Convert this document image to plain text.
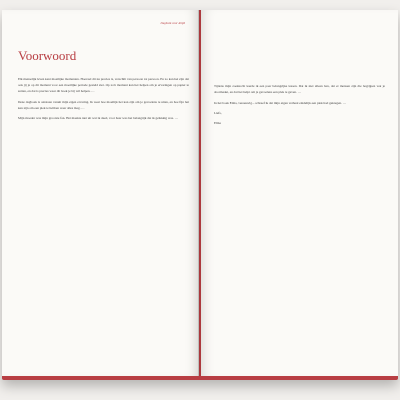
Dagboek voor Altijd
Voorwoord

Elk menselijk leven kent moeilijke momenten. Hoeveel dit nu precies is, verschilt van persoon tot persoon. En zo kan het zijn dat ook jij je op dit moment voor een moeilijke periode gesteld ziet. Op zo'n moment kan het helpen om je ervaringen op papier te zetten, en dat is precies waar dit boek je bij wil helpen. …

Deze dagboek is ontstaan vanuit mijn eigen ervaring. Ik weet hoe moeilijk het kan zijn om je gevoelens te uiten, en hoe fijn het kan zijn om een plek te hebben waar alles mag. …

Mijn moeder was mijn grootste fan. Het maakte niet uit wat ik deed, voor haar was het belangrijk dat ik gelukkig was. …

Tijdens mijn zoektocht leerde ik een paar belangrijke lessen. Dat ik niet alleen ben, dat er mensen zijn die begrijpen wat je doormaakt, en dat het helpt om je gevoelens een plek te geven. …

In het boek Elma, vereeuwig... schreef ik dat mijn eigen verhaal eindelijk een plek had gekregen. …

Liefs,

Elma
